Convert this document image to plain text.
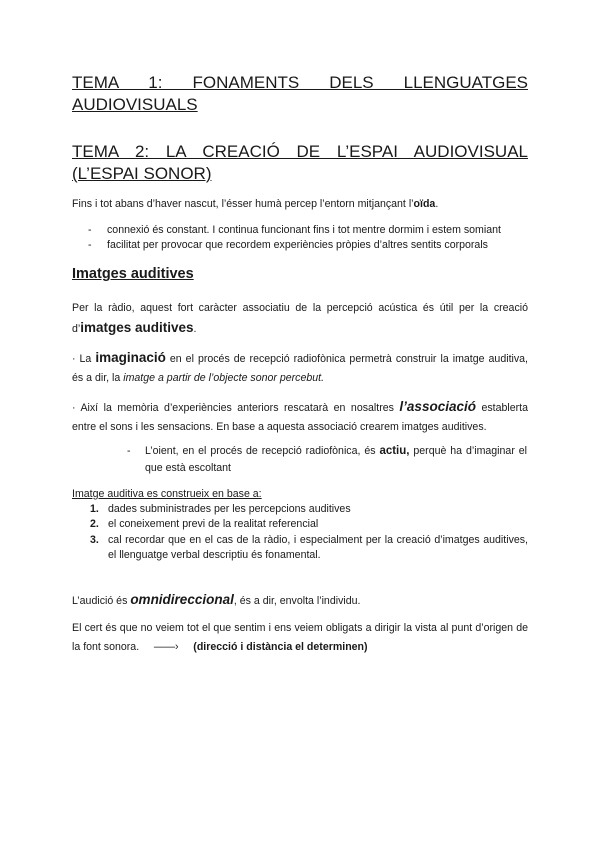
TEMA 1: FONAMENTS DELS LLENGUATGES
AUDIOVISUALS
TEMA 2: LA CREACIÓ DE L’ESPAI AUDIOVISUAL
(L’ESPAI SONOR)
Fins i tot abans d’haver nascut, l’ésser humà percep l’entorn mitjançant l’oïda.
- connexió és constant. I continua funcionant fins i tot mentre dormim i estem somiant
- facilitat per provocar que recordem experiències pròpies d’altres sentits corporals
Imatges auditives
Per la ràdio, aquest fort caràcter associatiu de la percepció acústica és útil per la creació d’imatges auditives.
· La imaginació en el procés de recepció radiofònica permetrà construir la imatge auditiva, és a dir, la imatge a partir de l’objecte sonor percebut.
· Així la memòria d’experiències anteriors rescatarà en nosaltres l’associació establerta entre el sons i les sensacions. En base a aquesta associació crearem imatges auditives.
-	L’oient, en el procés de recepció radiofònica, és actiu, perquè ha d’imaginar el que està escoltant
Imatge auditiva es construeix en base a:
1. dades subministrades per les percepcions auditives
2. el coneixement previ de la realitat referencial
3. cal recordar que en el cas de la ràdio, i especialment per la creació d’imatges auditives, el llenguatge verbal descriptiu és fonamental.
L’audició és omnidireccional, és a dir, envolta l’individu.
El cert és que no veiem tot el que sentim i ens veiem obligats a dirigir la vista al punt d’origen de la font sonora. ——› (direcció i distància el determinen)
